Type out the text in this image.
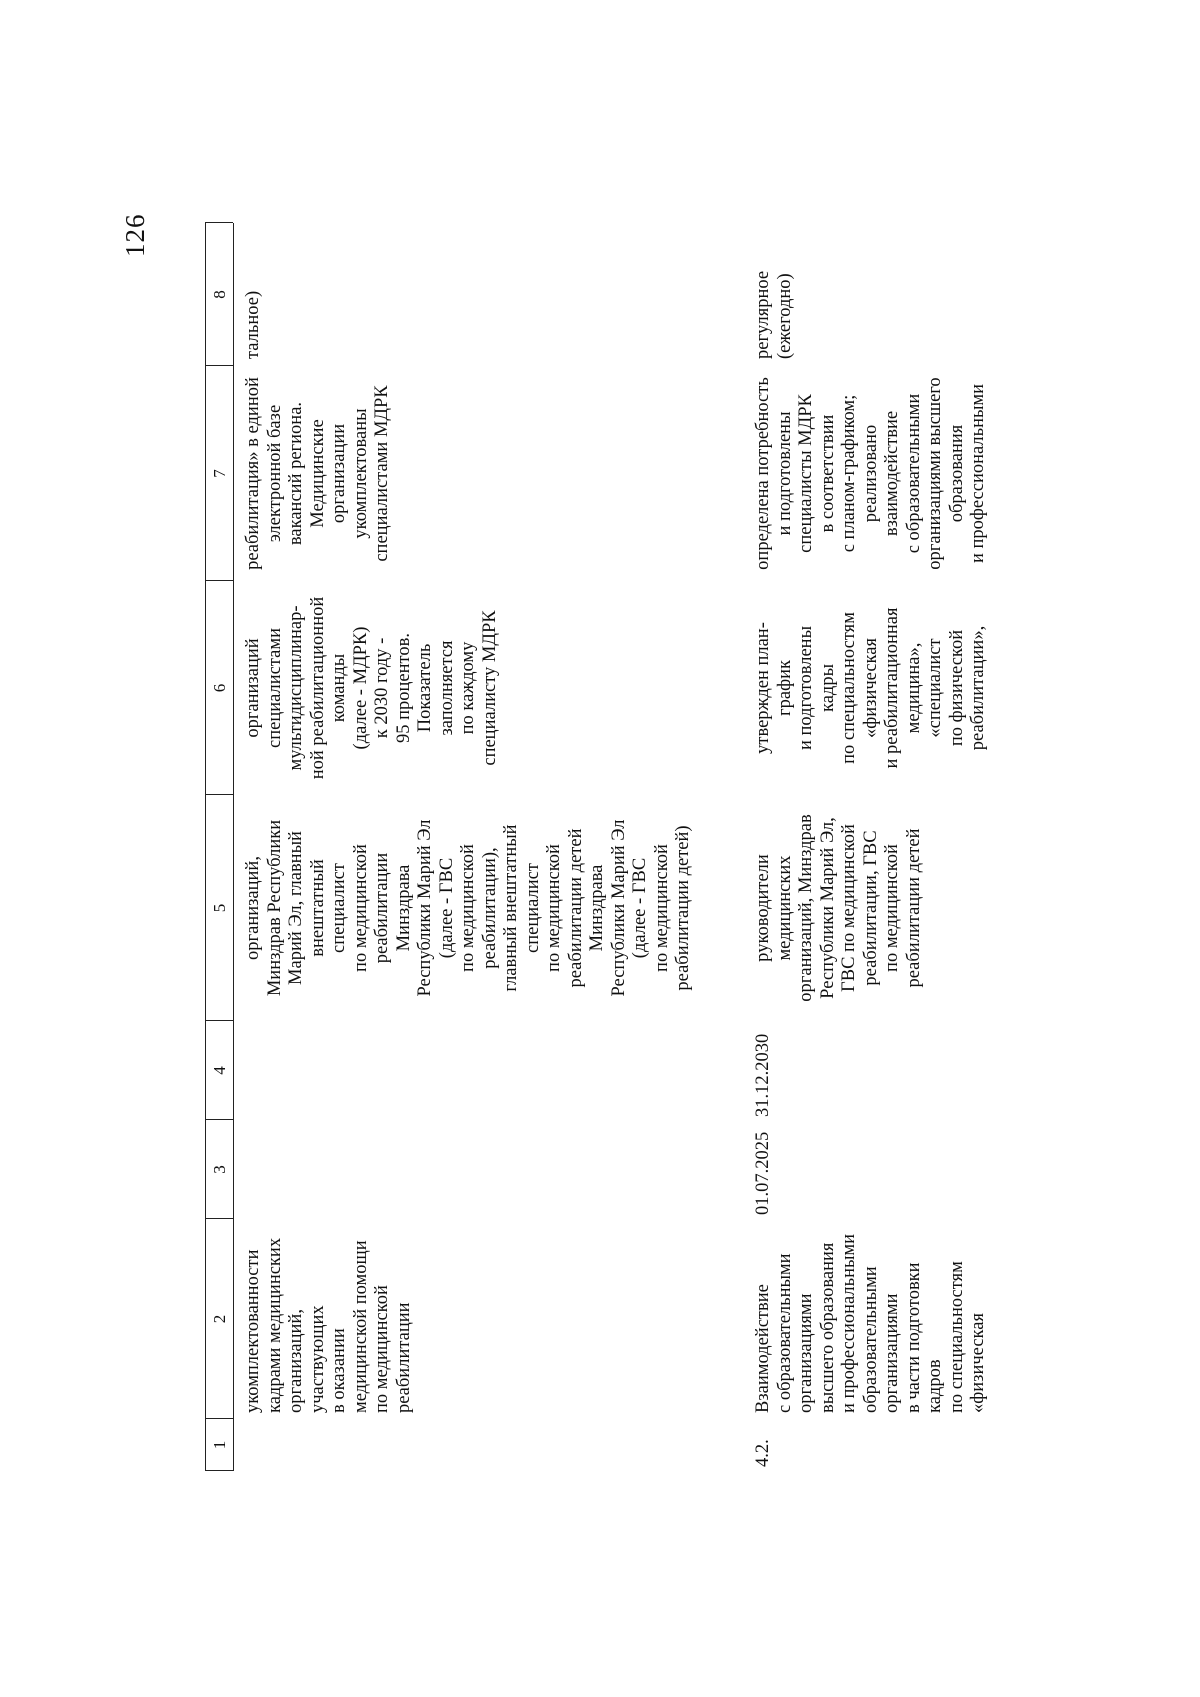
126
1
2
3
4
5
6
7
8
укомплектованности
кадрами медицинских
организаций,
участвующих
в оказании
медицинской помощи
по медицинской
реабилитации
организаций,
Минздрав Республики
Марий Эл, главный
внештатный
специалист
по медицинской
реабилитации
Минздрава
Республики Марий Эл
(далее - ГВС
по медицинской
реабилитации),
главный внештатный
специалист
по медицинской
реабилитации детей
Минздрава
Республики Марий Эл
(далее - ГВС
по медицинской
реабилитации детей)
организаций
специалистами
мультидисциплинар-
ной реабилитационной
команды
(далее - МДРК)
к 2030 году -
95 процентов.
Показатель
заполняется
по каждому
специалисту МДРК
реабилитация» в единой
электронной базе
вакансий региона.
Медицинские
организации
укомплектованы
специалистами МДРК
тальное)
4.2.
Взаимодействие
с образовательными
организациями
высшего образования
и профессиональными
образовательными
организациями
в части подготовки
кадров
по специальностям
«физическая
01.07.2025
31.12.2030
руководители
медицинских
организаций, Минздрав
Республики Марий Эл,
ГВС по медицинской
реабилитации, ГВС
по медицинской
реабилитации детей
утвержден план-
график
и подготовлены
кадры
по специальностям
«физическая
и реабилитационная
медицина»,
«специалист
по физической
реабилитации»,
определена потребность
и подготовлены
специалисты МДРК
в соответствии
с планом-графиком;
реализовано
взаимодействие
с образовательными
организациями высшего
образования
и профессиональными
регулярное
(ежегодно)
